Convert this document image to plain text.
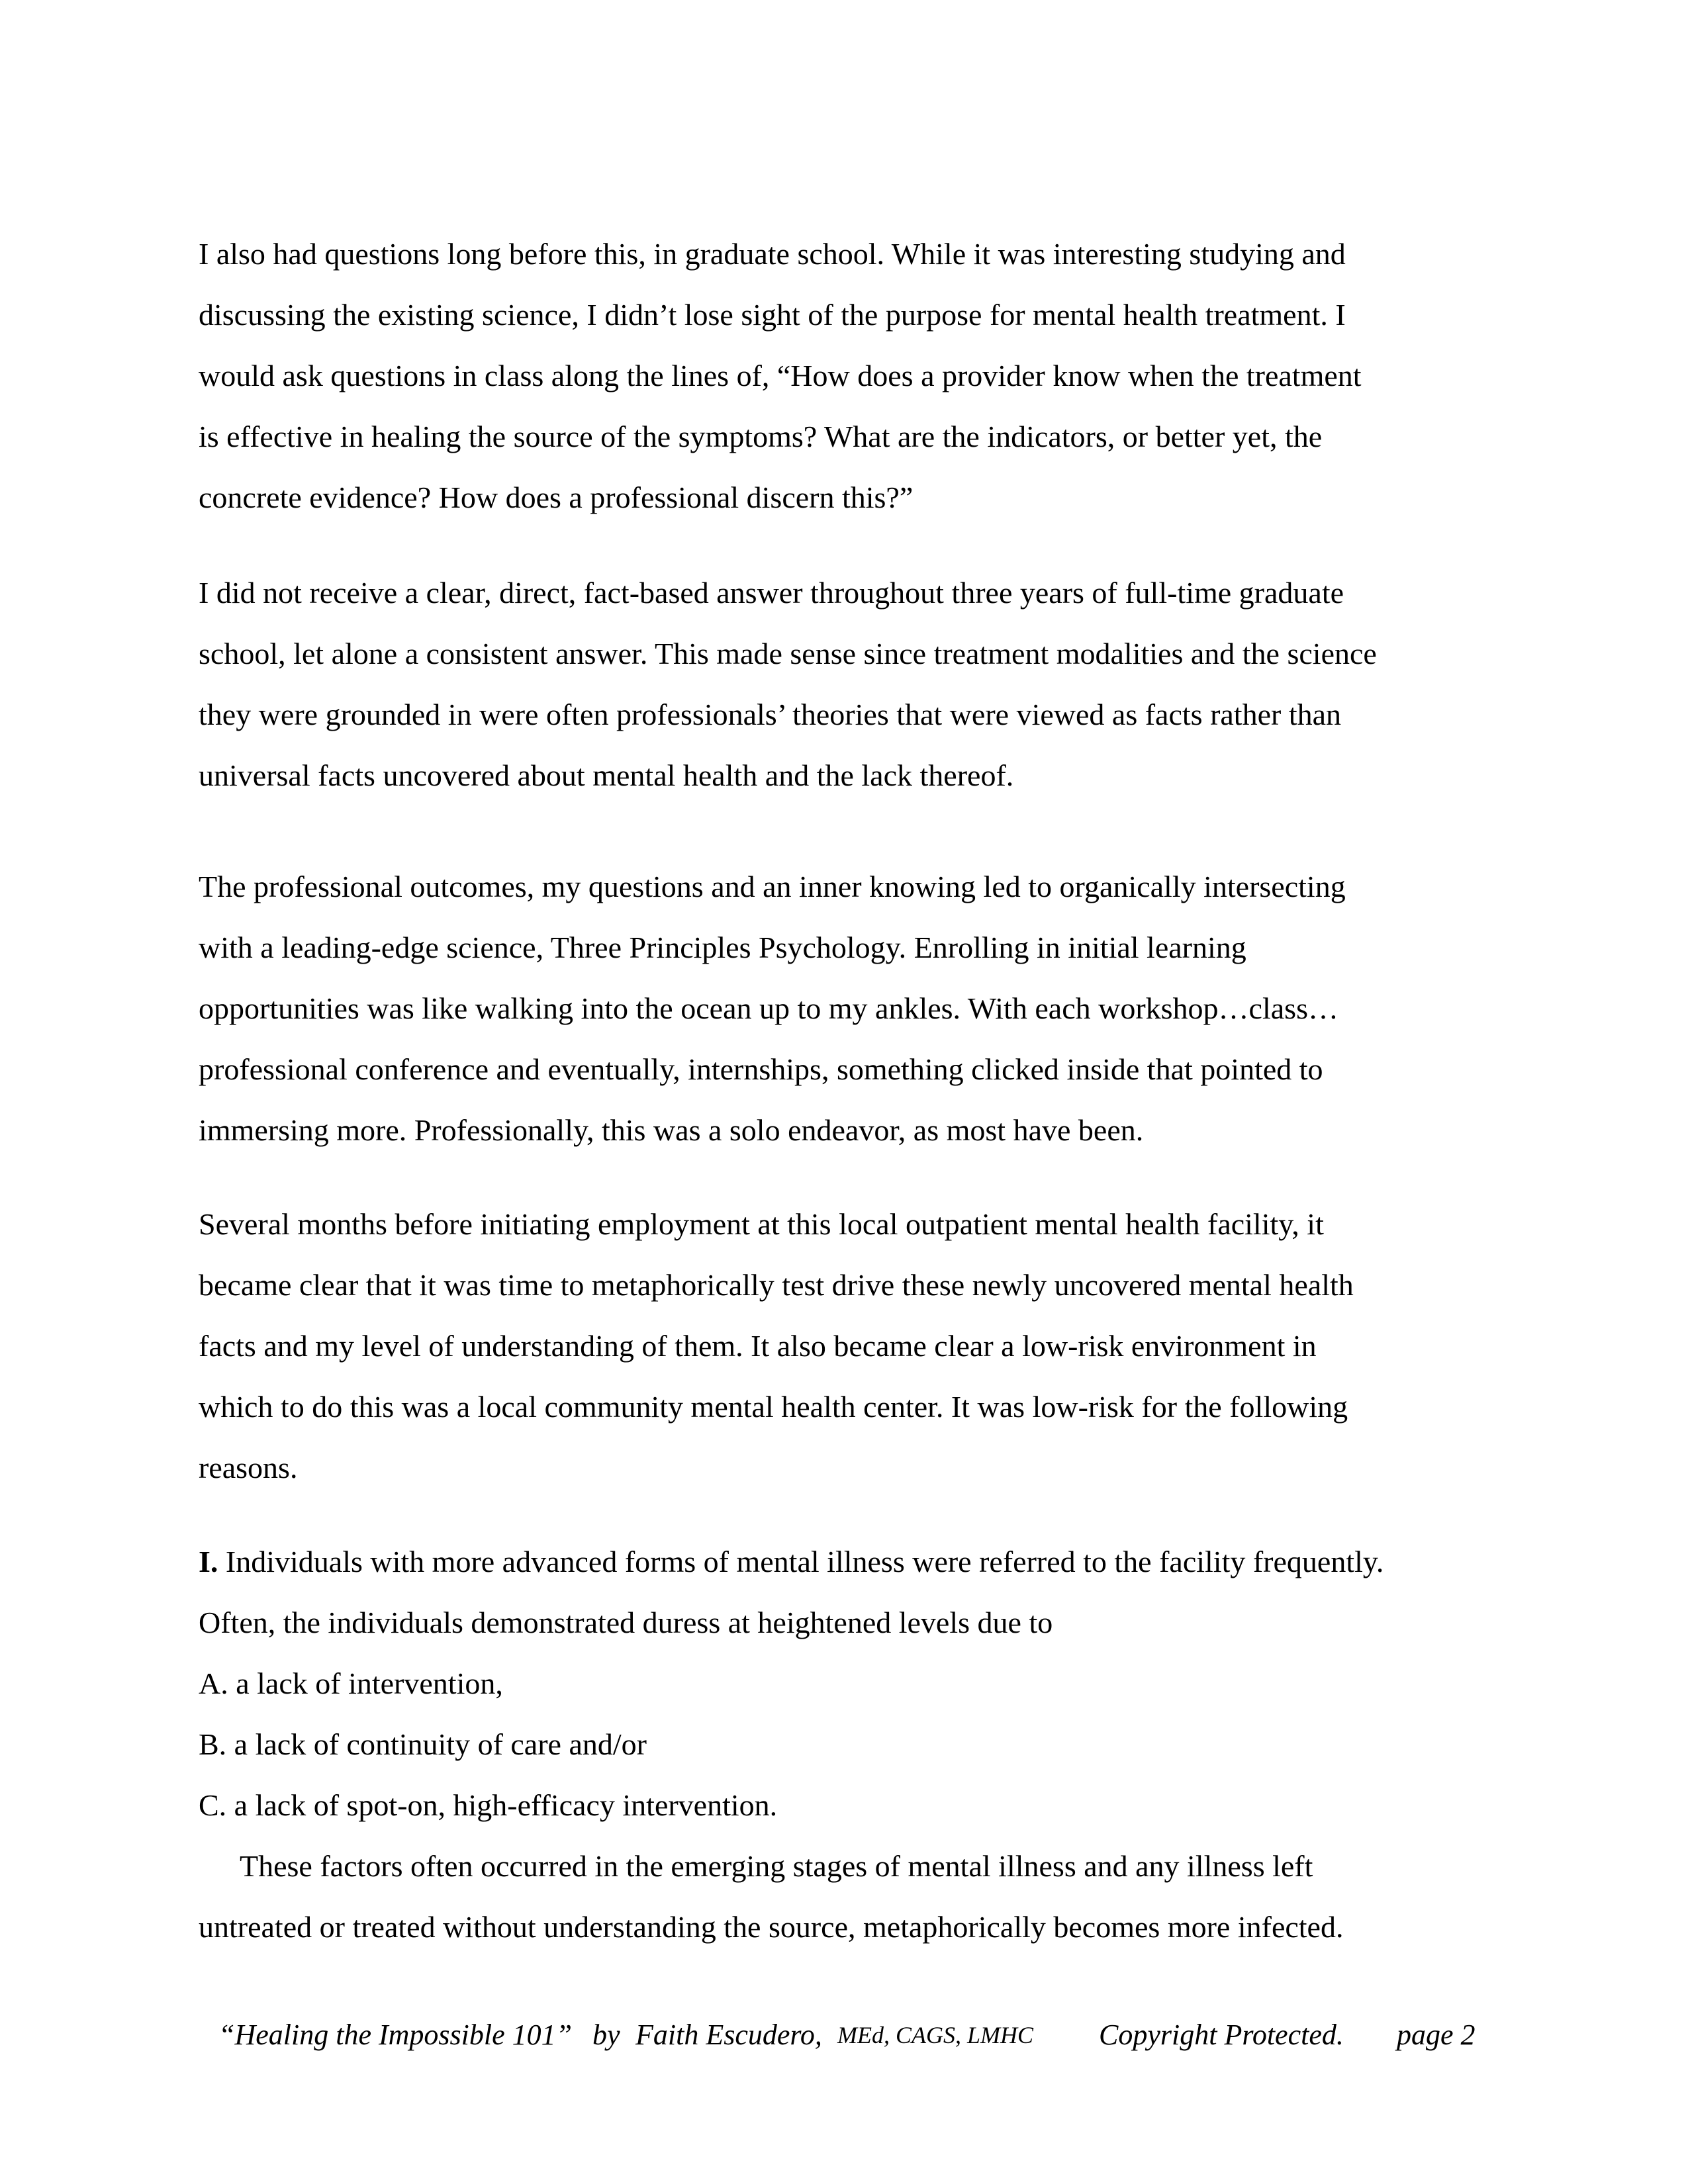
I also had questions long before this, in graduate school. While it was interesting studying and
discussing the existing science, I didn’t lose sight of the purpose for mental health treatment. I
would ask questions in class along the lines of, “How does a provider know when the treatment
is effective in healing the source of the symptoms? What are the indicators, or better yet, the
concrete evidence? How does a professional discern this?”
I did not receive a clear, direct, fact-based answer throughout three years of full-time graduate
school, let alone a consistent answer. This made sense since treatment modalities and the science
they were grounded in were often professionals’ theories that were viewed as facts rather than
universal facts uncovered about mental health and the lack thereof.
The professional outcomes, my questions and an inner knowing led to organically intersecting
with a leading-edge science, Three Principles Psychology. Enrolling in initial learning
opportunities was like walking into the ocean up to my ankles. With each workshop…class…
professional conference and eventually, internships, something clicked inside that pointed to
immersing more. Professionally, this was a solo endeavor, as most have been.
Several months before initiating employment at this local outpatient mental health facility, it
became clear that it was time to metaphorically test drive these newly uncovered mental health
facts and my level of understanding of them. It also became clear a low-risk environment in
which to do this was a local community mental health center. It was low-risk for the following
reasons.
I. Individuals with more advanced forms of mental illness were referred to the facility frequently.
Often, the individuals demonstrated duress at heightened levels due to
A. a lack of intervention,
B. a lack of continuity of care and/or
C. a lack of spot-on, high-efficacy intervention.
These factors often occurred in the emerging stages of mental illness and any illness left
untreated or treated without understanding the source, metaphorically becomes more infected.
“Healing the Impossible 101” by Faith Escudero, MEd, CAGS, LMHC Copyright Protected. page 2
